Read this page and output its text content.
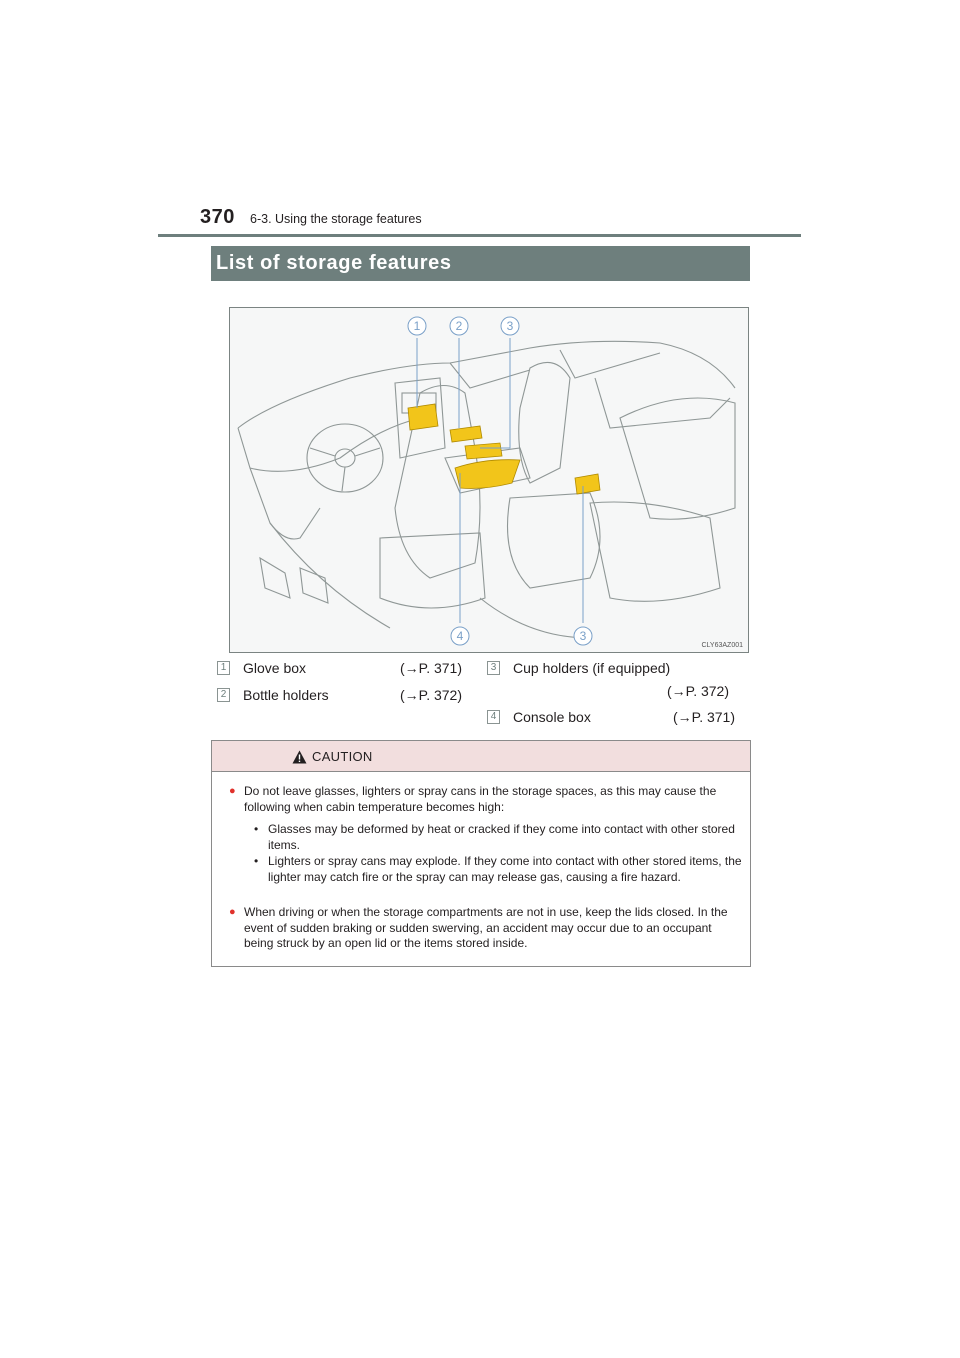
370 6-3. Using the storage features
List of storage features
1	2	3
4	3
CLY63AZ001
1 Glove box	(→P. 371)
2 Bottle holders	(→P. 372)
3 Cup holders (if equipped)
(→P. 372)
4 Console box	(→P. 371)
CAUTION
● Do not leave glasses, lighters or spray cans in the storage spaces, as this may cause the following when cabin temperature becomes high:
• Glasses may be deformed by heat or cracked if they come into contact with other stored items.
• Lighters or spray cans may explode. If they come into contact with other stored items, the lighter may catch fire or the spray can may release gas, causing a fire hazard.
● When driving or when the storage compartments are not in use, keep the lids closed. In the event of sudden braking or sudden swerving, an accident may occur due to an occupant being struck by an open lid or the items stored inside.
